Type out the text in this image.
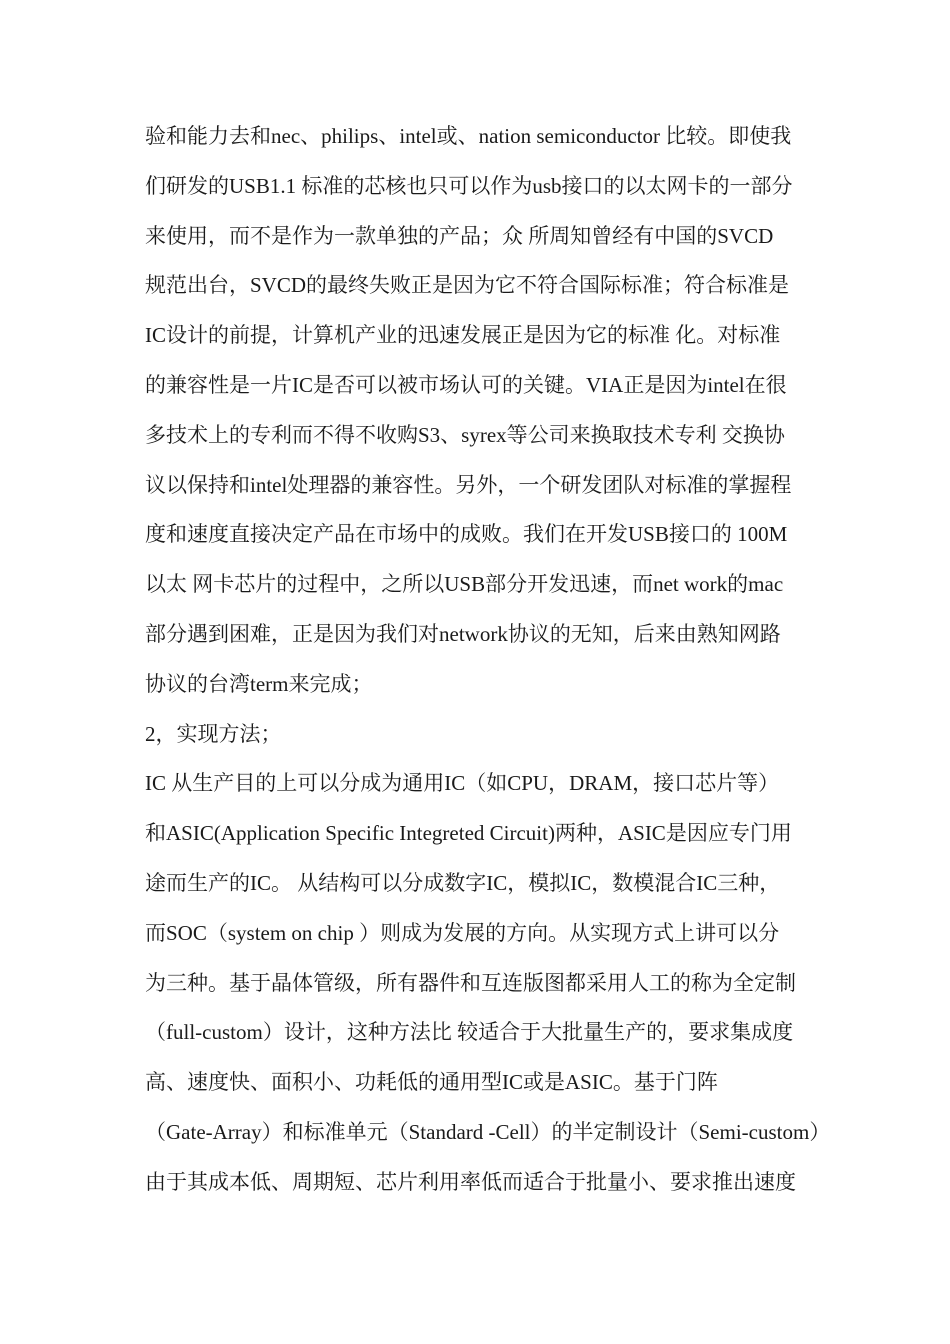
验和能力去和nec、philips、intel或、nation semiconductor 比较。即使我
们研发的USB1.1 标准的芯核也只可以作为usb接口的以太网卡的一部分
来使用，而不是作为一款单独的产品；众 所周知曾经有中国的SVCD
规范出台，SVCD的最终失败正是因为它不符合国际标准；符合标准是
IC设计的前提，计算机产业的迅速发展正是因为它的标准 化。对标准
的兼容性是一片IC是否可以被市场认可的关键。VIA正是因为intel在很
多技术上的专利而不得不收购S3、syrex等公司来换取技术专利 交换协
议以保持和intel处理器的兼容性。另外，一个研发团队对标准的掌握程
度和速度直接决定产品在市场中的成败。我们在开发USB接口的 100M
以太 网卡芯片的过程中，之所以USB部分开发迅速，而net work的mac
部分遇到困难，正是因为我们对network协议的无知，后来由熟知网路
协议的台湾term来完成；
2，实现方法；
IC 从生产目的上可以分成为通用IC（如CPU，DRAM，接口芯片等）
和ASIC(Application Specific Integreted Circuit)两种，ASIC是因应专门用
途而生产的IC。 从结构可以分成数字IC，模拟IC，数模混合IC三种，
而SOC（system on chip ）则成为发展的方向。从实现方式上讲可以分
为三种。基于晶体管级，所有器件和互连版图都采用人工的称为全定制
（full-custom）设计，这种方法比 较适合于大批量生产的，要求集成度
高、速度快、面积小、功耗低的通用型IC或是ASIC。基于门阵
（Gate-Array）和标准单元（Standard -Cell）的半定制设计（Semi-custom）
由于其成本低、周期短、芯片利用率低而适合于批量小、要求推出速度
